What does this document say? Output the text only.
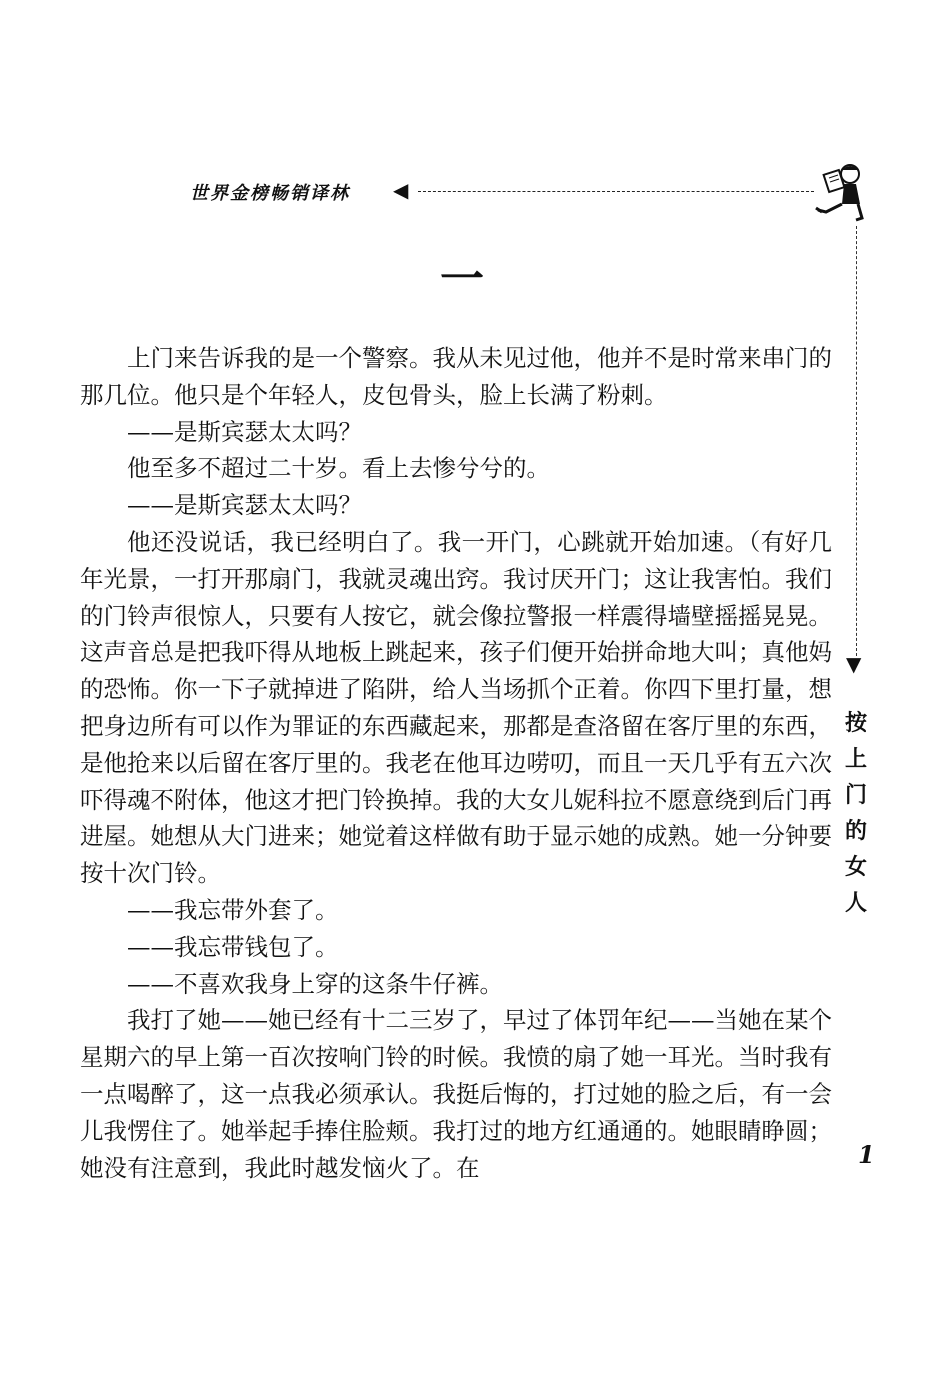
世界金榜畅销译林 ◀
▼
按
上
门
的
女
人
一

上门来告诉我的是一个警察。我从未见过他，他并不是时常来串门的那几位。他只是个年轻人，皮包骨头，脸上长满了粉刺。

——是斯宾瑟太太吗？

他至多不超过二十岁。看上去惨兮兮的。

——是斯宾瑟太太吗？

他还没说话，我已经明白了。我一开门，心跳就开始加速。（有好几年光景，一打开那扇门，我就灵魂出窍。我讨厌开门；这让我害怕。我们的门铃声很惊人，只要有人按它，就会像拉警报一样震得墙壁摇摇晃晃。这声音总是把我吓得从地板上跳起来，孩子们便开始拼命地大叫；真他妈的恐怖。你一下子就掉进了陷阱，给人当场抓个正着。你四下里打量，想把身边所有可以作为罪证的东西藏起来，那都是查洛留在客厅里的东西，是他抢来以后留在客厅里的。我老在他耳边唠叨，而且一天几乎有五六次吓得魂不附体，他这才把门铃换掉。我的大女儿妮科拉不愿意绕到后门再进屋。她想从大门进来；她觉着这样做有助于显示她的成熟。她一分钟要按十次门铃。

——我忘带外套了。

——我忘带钱包了。

——不喜欢我身上穿的这条牛仔裤。

我打了她——她已经有十二三岁了，早过了体罚年纪——当她在某个星期六的早上第一百次按响门铃的时候。我愤的扇了她一耳光。当时我有一点喝醉了，这一点我必须承认。我挺后悔的，打过她的脸之后，有一会儿我愣住了。她举起手捧住脸颊。我打过的地方红通通的。她眼睛睁圆；她没有注意到，我此时越发恼火了。在	1
